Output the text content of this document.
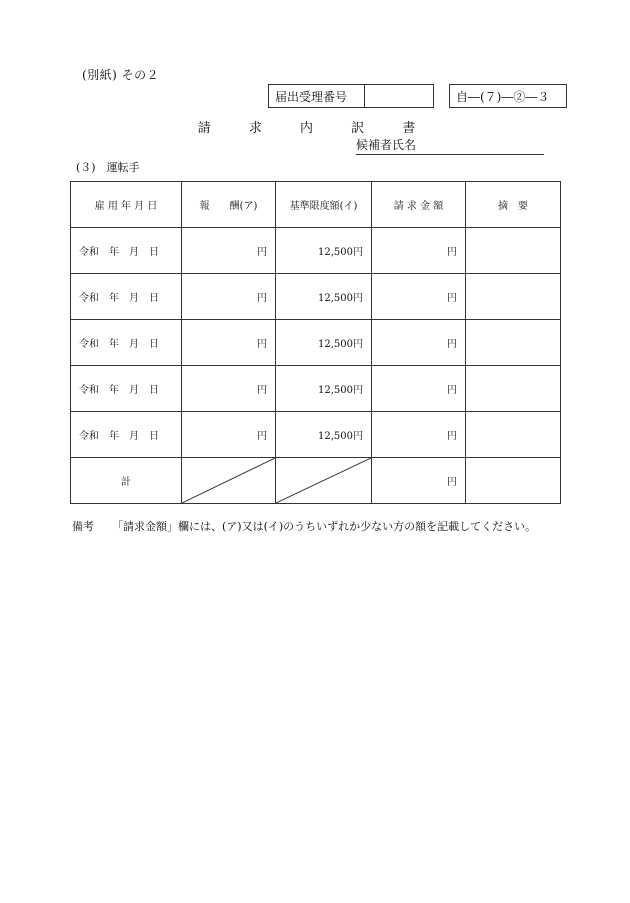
(別紙) その２
届出受理番号	自―(７)―②―３
請	求	内	訳	書
候補者氏名
(３)　運転手
雇 用 年 月 日	報　　酬(ア)	基準限度額(イ)	請 求 金 額	摘　要
令和　年　月　日	円	12,500円	円	
令和　年　月　日	円	12,500円	円	
令和　年　月　日	円	12,500円	円	
令和　年　月　日	円	12,500円	円	
令和　年　月　日	円	12,500円	円	
計			円	
備考 「請求金額」欄には、(ア)又は(イ)のうちいずれか少ない方の額を記載してください。
